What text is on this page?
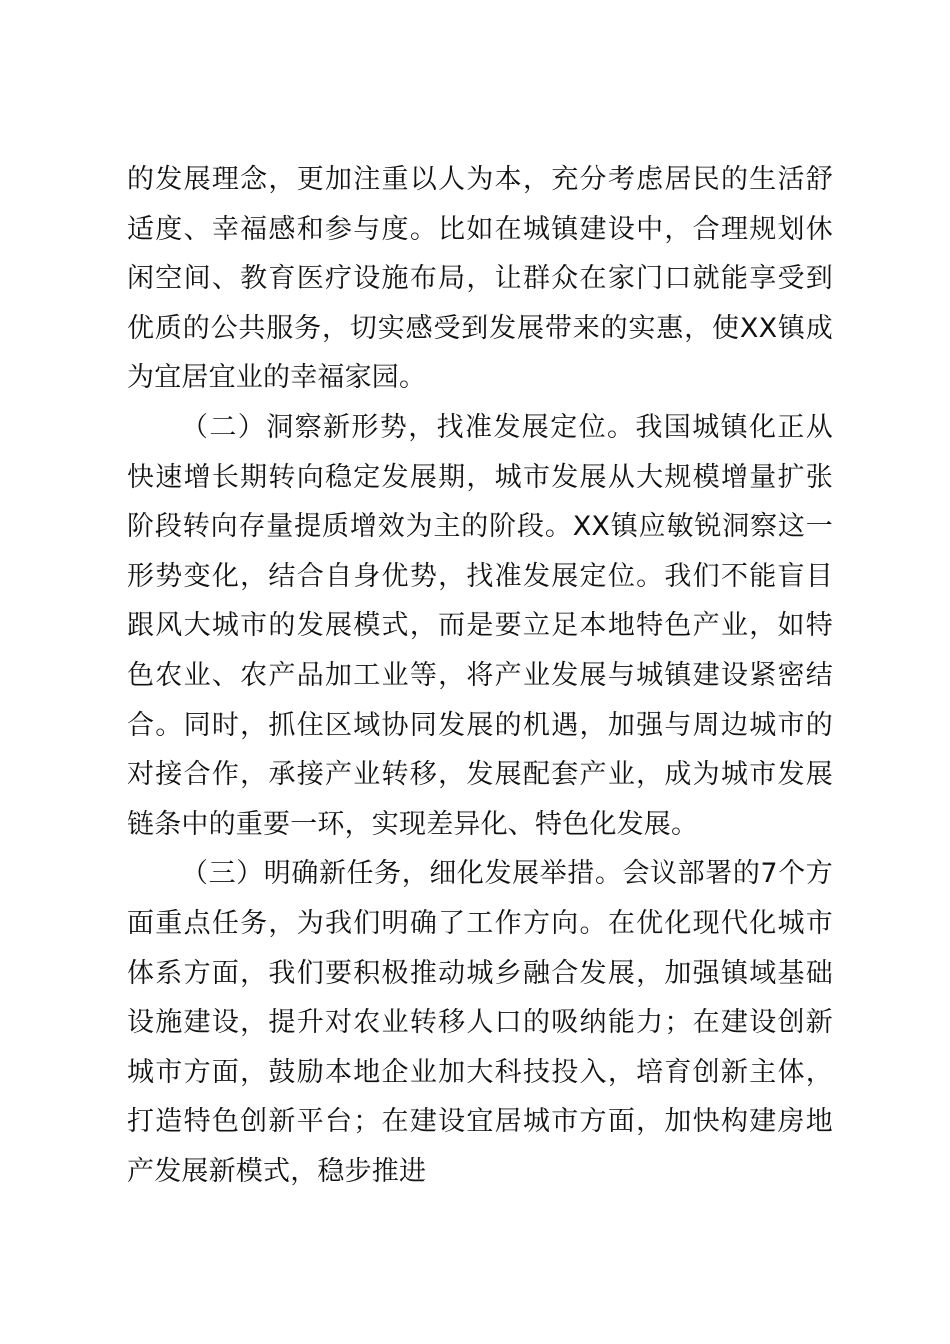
的发展理念，更加注重以人为本，充分考虑居民的生活舒适度、幸福感和参与度。比如在城镇建设中，合理规划休闲空间、教育医疗设施布局，让群众在家门口就能享受到优质的公共服务，切实感受到发展带来的实惠，使XX镇成为宜居宜业的幸福家园。

（二）洞察新形势，找准发展定位。我国城镇化正从快速增长期转向稳定发展期，城市发展从大规模增量扩张阶段转向存量提质增效为主的阶段。XX镇应敏锐洞察这一形势变化，结合自身优势，找准发展定位。我们不能盲目跟风大城市的发展模式，而是要立足本地特色产业，如特色农业、农产品加工业等，将产业发展与城镇建设紧密结合。同时，抓住区域协同发展的机遇，加强与周边城市的对接合作，承接产业转移，发展配套产业，成为城市发展链条中的重要一环，实现差异化、特色化发展。

（三）明确新任务，细化发展举措。会议部署的7个方面重点任务，为我们明确了工作方向。在优化现代化城市体系方面，我们要积极推动城乡融合发展，加强镇域基础设施建设，提升对农业转移人口的吸纳能力；在建设创新城市方面，鼓励本地企业加大科技投入，培育创新主体，打造特色创新平台；在建设宜居城市方面，加快构建房地产发展新模式，稳步推进
